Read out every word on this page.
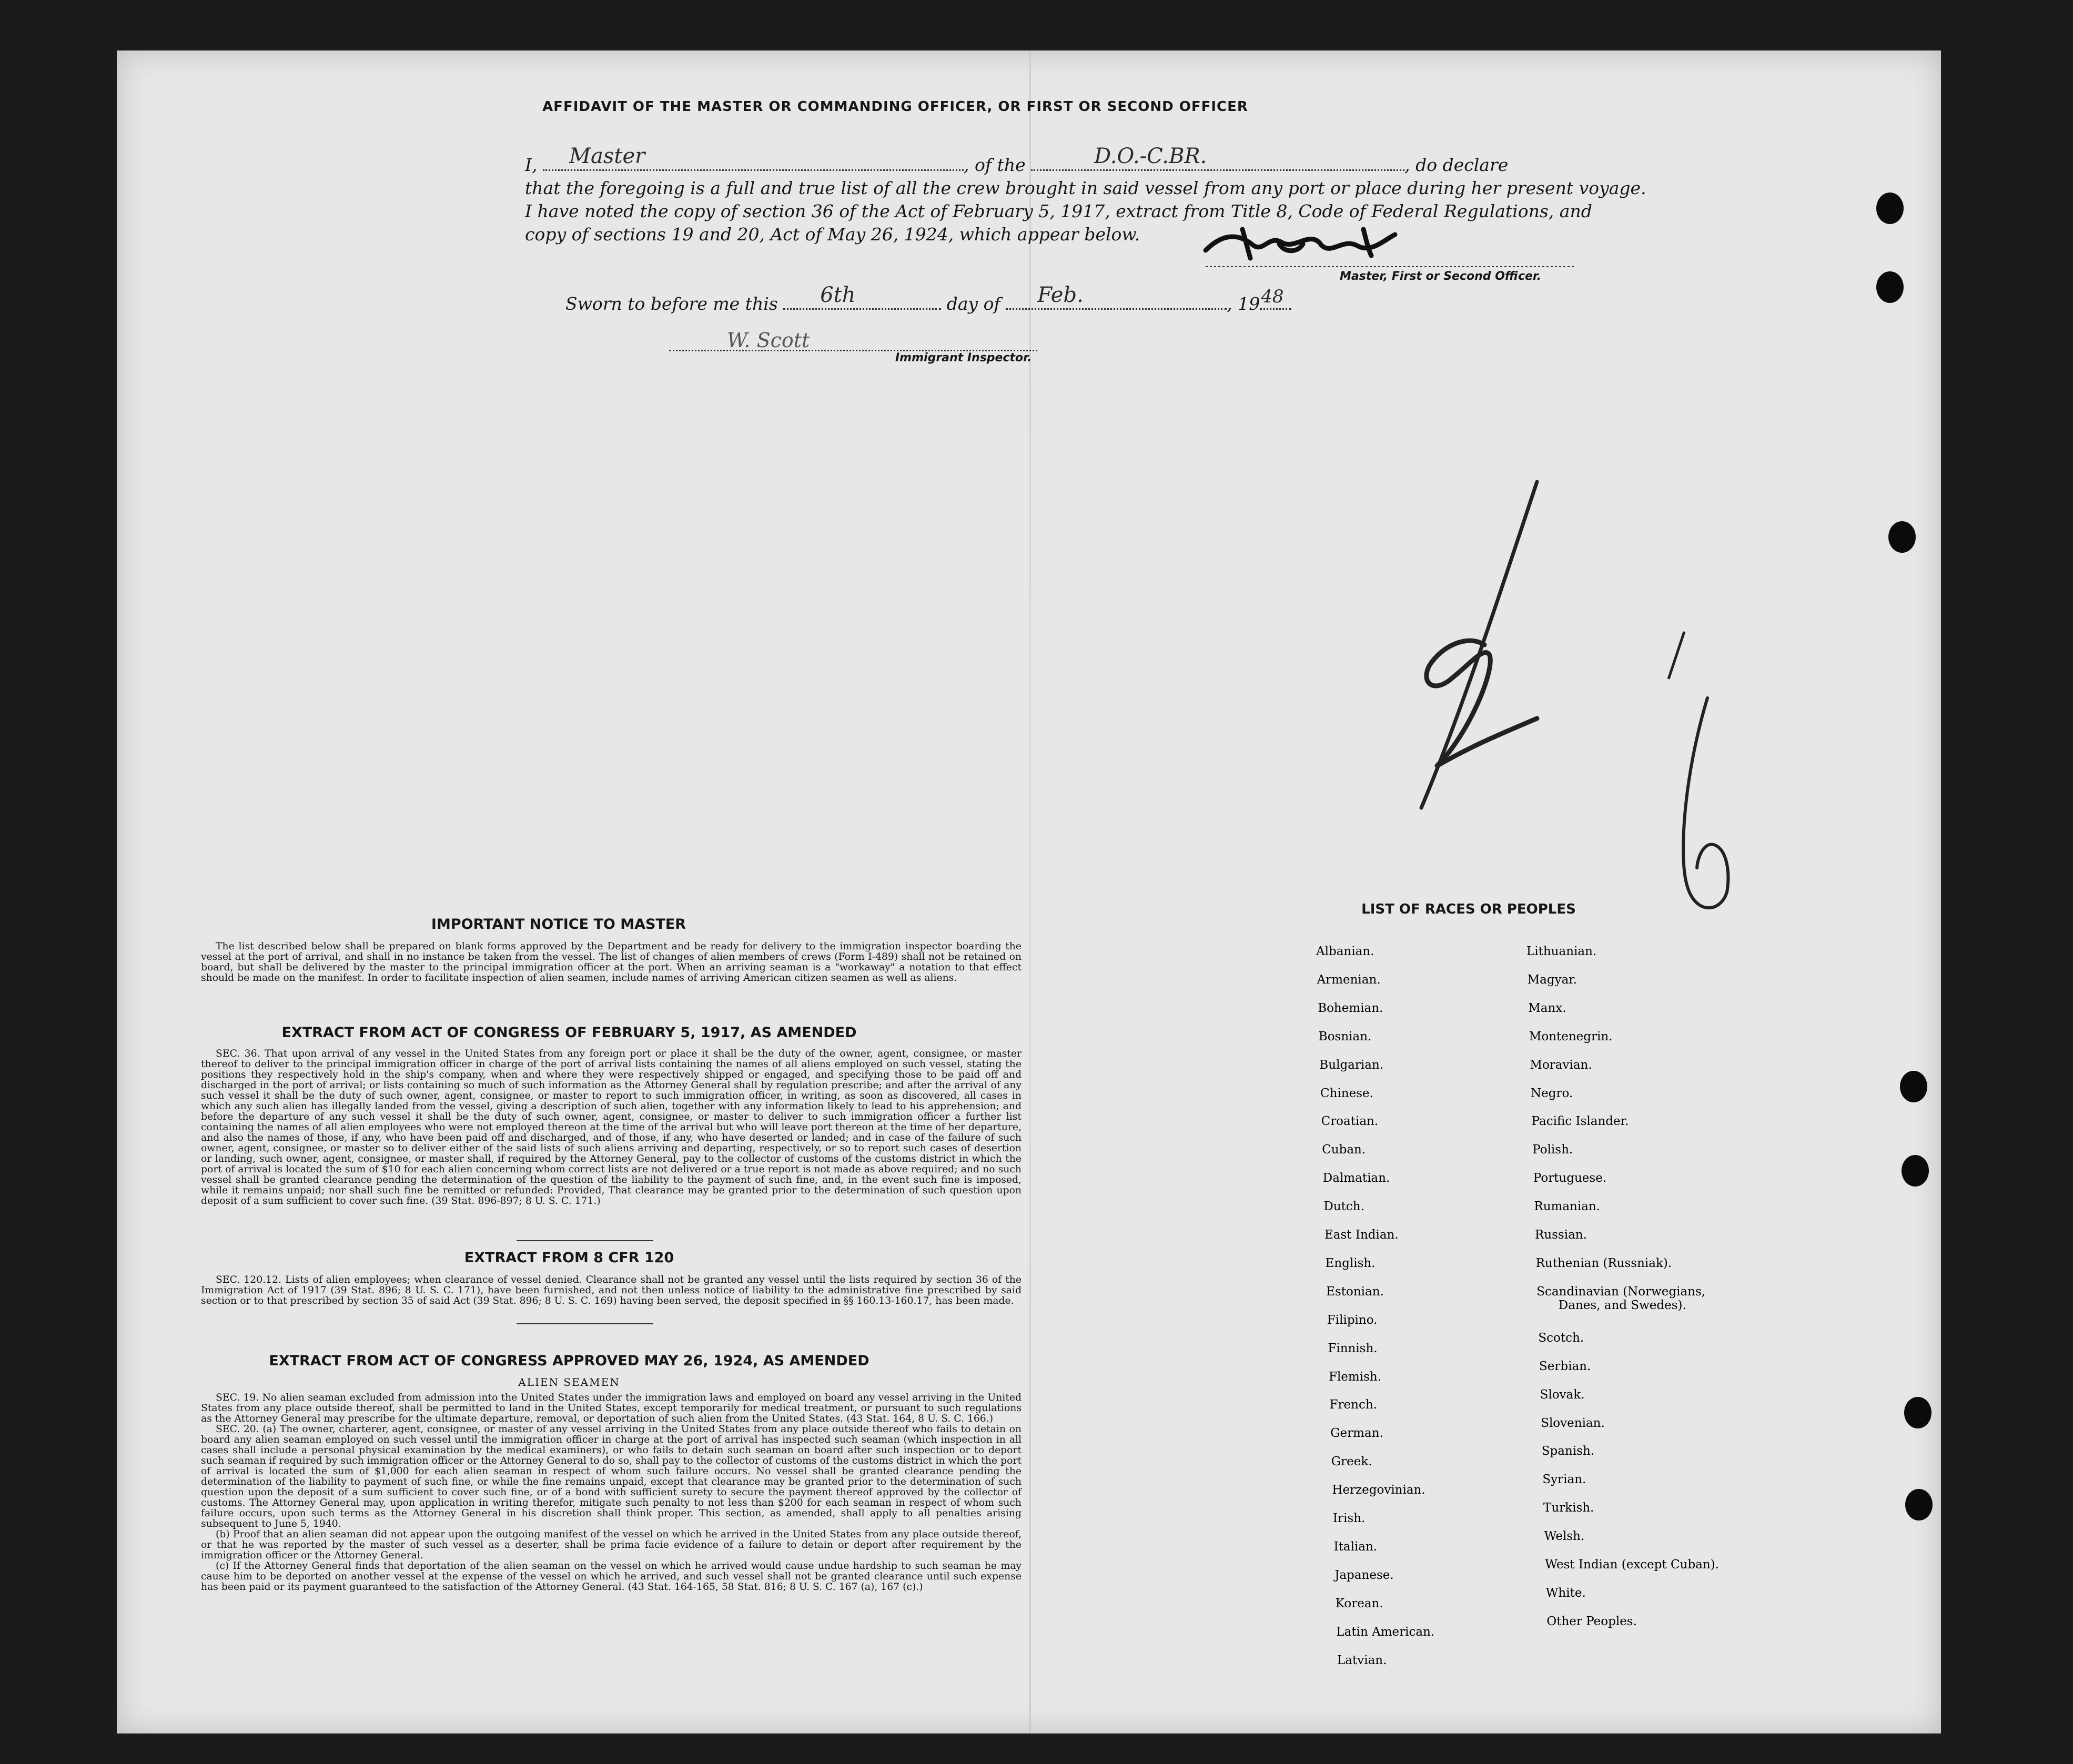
AFFIDAVIT OF THE MASTER OR COMMANDING OFFICER, OR FIRST OR SECOND OFFICER
I, Master	, of the	D.O.-C.BR.	, do declare
that the foregoing is a full and true list of all the crew brought in said vessel from any port or place during her present voyage.
I have noted the copy of section 36 of the Act of February 5, 1917, extract from Title 8, Code of Federal Regulations, and
copy of sections 19 and 20, Act of May 26, 1924, which appear below.
Master, First or Second Officer.
Sworn to before me this 6th	day of Feb.	, 19 48
W. Scott
Immigrant Inspector.
IMPORTANT NOTICE TO MASTER

The list described below shall be prepared on blank forms approved by the Department and be ready for delivery to the immigration inspector boarding the vessel at the port of arrival, and shall in no instance be taken from the vessel. The list of changes of alien members of crews (Form I-489) shall not be retained on board, but shall be delivered by the master to the principal immigration officer at the port. When an arriving seaman is a "workaway" a notation to that effect should be made on the manifest. In order to facilitate inspection of alien seamen, include names of arriving American citizen seamen as well as aliens.

EXTRACT FROM ACT OF CONGRESS OF FEBRUARY 5, 1917, AS AMENDED

SEC. 36. That upon arrival of any vessel in the United States from any foreign port or place it shall be the duty of the owner, agent, consignee, or master thereof to deliver to the principal immigration officer in charge of the port of arrival lists containing the names of all aliens employed on such vessel, stating the positions they respectively hold in the ship's company, when and where they were respectively shipped or engaged, and specifying those to be paid off and discharged in the port of arrival; or lists containing so much of such information as the Attorney General shall by regulation prescribe; and after the arrival of any such vessel it shall be the duty of such owner, agent, consignee, or master to report to such immigration officer, in writing, as soon as discovered, all cases in which any such alien has illegally landed from the vessel, giving a description of such alien, together with any information likely to lead to his apprehension; and before the departure of any such vessel it shall be the duty of such owner, agent, consignee, or master to deliver to such immigration officer a further list containing the names of all alien employees who were not employed thereon at the time of the arrival but who will leave port thereon at the time of her departure, and also the names of those, if any, who have been paid off and discharged, and of those, if any, who have deserted or landed; and in case of the failure of such owner, agent, consignee, or master so to deliver either of the said lists of such aliens arriving and departing, respectively, or so to report such cases of desertion or landing, such owner, agent, consignee, or master shall, if required by the Attorney General, pay to the collector of customs of the customs district in which the port of arrival is located the sum of $10 for each alien concerning whom correct lists are not delivered or a true report is not made as above required; and no such vessel shall be granted clearance pending the determination of the question of the liability to the payment of such fine, and, in the event such fine is imposed, while it remains unpaid; nor shall such fine be remitted or refunded: Provided, That clearance may be granted prior to the determination of such question upon deposit of a sum sufficient to cover such fine. (39 Stat. 896-897; 8 U. S. C. 171.)

EXTRACT FROM 8 CFR 120

SEC. 120.12. Lists of alien employees; when clearance of vessel denied. Clearance shall not be granted any vessel until the lists required by section 36 of the Immigration Act of 1917 (39 Stat. 896; 8 U. S. C. 171), have been furnished, and not then unless notice of liability to the administrative fine prescribed by said section or to that prescribed by section 35 of said Act (39 Stat. 896; 8 U. S. C. 169) having been served, the deposit specified in §§ 160.13-160.17, has been made.

EXTRACT FROM ACT OF CONGRESS APPROVED MAY 26, 1924, AS AMENDED
ALIEN SEAMEN

SEC. 19. No alien seaman excluded from admission into the United States under the immigration laws and employed on board any vessel arriving in the United States from any place outside thereof, shall be permitted to land in the United States, except temporarily for medical treatment, or pursuant to such regulations as the Attorney General may prescribe for the ultimate departure, removal, or deportation of such alien from the United States. (43 Stat. 164, 8 U. S. C. 166.)

SEC. 20. (a) The owner, charterer, agent, consignee, or master of any vessel arriving in the United States from any place outside thereof who fails to detain on board any alien seaman employed on such vessel until the immigration officer in charge at the port of arrival has inspected such seaman (which inspection in all cases shall include a personal physical examination by the medical examiners), or who fails to detain such seaman on board after such inspection or to deport such seaman if required by such immigration officer or the Attorney General to do so, shall pay to the collector of customs of the customs district in which the port of arrival is located the sum of $1,000 for each alien seaman in respect of whom such failure occurs. No vessel shall be granted clearance pending the determination of the liability to payment of such fine, or while the fine remains unpaid, except that clearance may be granted prior to the determination of such question upon the deposit of a sum sufficient to cover such fine, or of a bond with sufficient surety to secure the payment thereof approved by the collector of customs. The Attorney General may, upon application in writing therefor, mitigate such penalty to not less than $200 for each seaman in respect of whom such failure occurs, upon such terms as the Attorney General in his discretion shall think proper. This section, as amended, shall apply to all penalties arising subsequent to June 5, 1940.

(b) Proof that an alien seaman did not appear upon the outgoing manifest of the vessel on which he arrived in the United States from any place outside thereof, or that he was reported by the master of such vessel as a deserter, shall be prima facie evidence of a failure to detain or deport after requirement by the immigration officer or the Attorney General.

(c) If the Attorney General finds that deportation of the alien seaman on the vessel on which he arrived would cause undue hardship to such seaman he may cause him to be deported on another vessel at the expense of the vessel on which he arrived, and such vessel shall not be granted clearance until such expense has been paid or its payment guaranteed to the satisfaction of the Attorney General. (43 Stat. 164-165, 58 Stat. 816; 8 U. S. C. 167 (a), 167 (c).)

LIST OF RACES OR PEOPLES
Albanian.
Armenian.
Bohemian.
Bosnian.
Bulgarian.
Chinese.
Croatian.
Cuban.
Dalmatian.
Dutch.
East Indian.
English.
Estonian.
Filipino.
Finnish.
Flemish.
French.
German.
Greek.
Herzegovinian.
Irish.
Italian.
Japanese.
Korean.
Latin American.
Latvian.
Lithuanian.
Magyar.
Manx.
Montenegrin.
Moravian.
Negro.
Pacific Islander.
Polish.
Portuguese.
Rumanian.
Russian.
Ruthenian (Russniak).
Scandinavian (Norwegians,
Danes, and Swedes).
Scotch.
Serbian.
Slovak.
Slovenian.
Spanish.
Syrian.
Turkish.
Welsh.
West Indian (except Cuban).
White.
Other Peoples.
